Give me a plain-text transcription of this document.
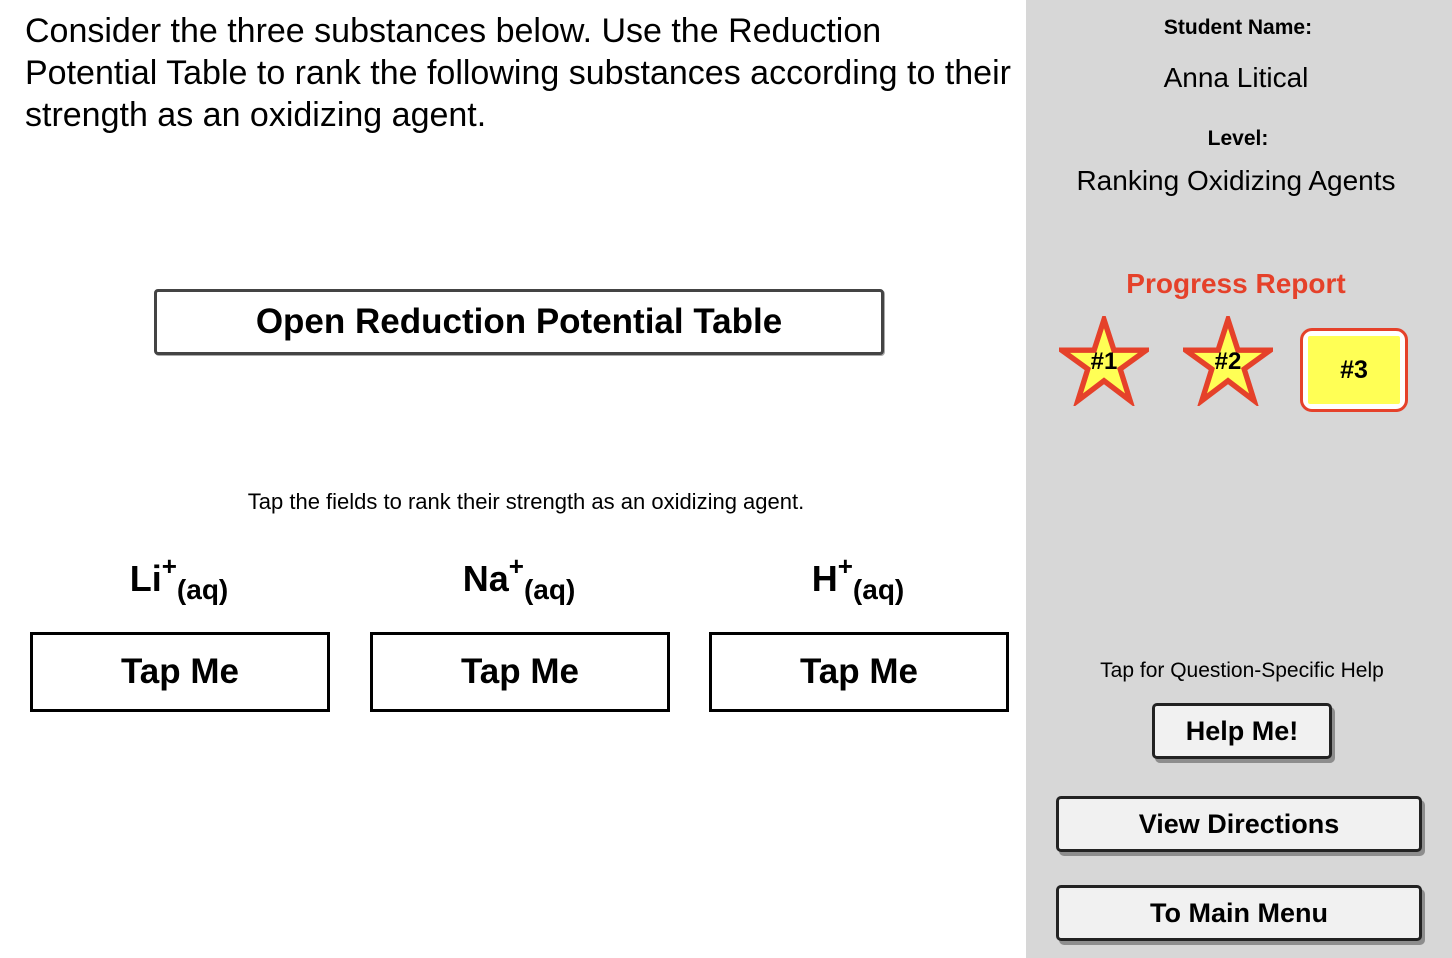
Consider the three substances below. Use the Reduction Potential Table to rank the following substances according to their strength as an oxidizing agent.
Open Reduction Potential Table
Tap the fields to rank their strength as an oxidizing agent.
$Li^+_{(aq)}$
Tap Me
$Na^+_{(aq)}$
Tap Me
$H^+_{(aq)}$
Tap Me
Student Name:
Anna Litical
Level:
Ranking Oxidizing Agents
Progress Report
#1	#2	#3
Tap for Question-Specific Help
Help Me!
View Directions
To Main Menu
